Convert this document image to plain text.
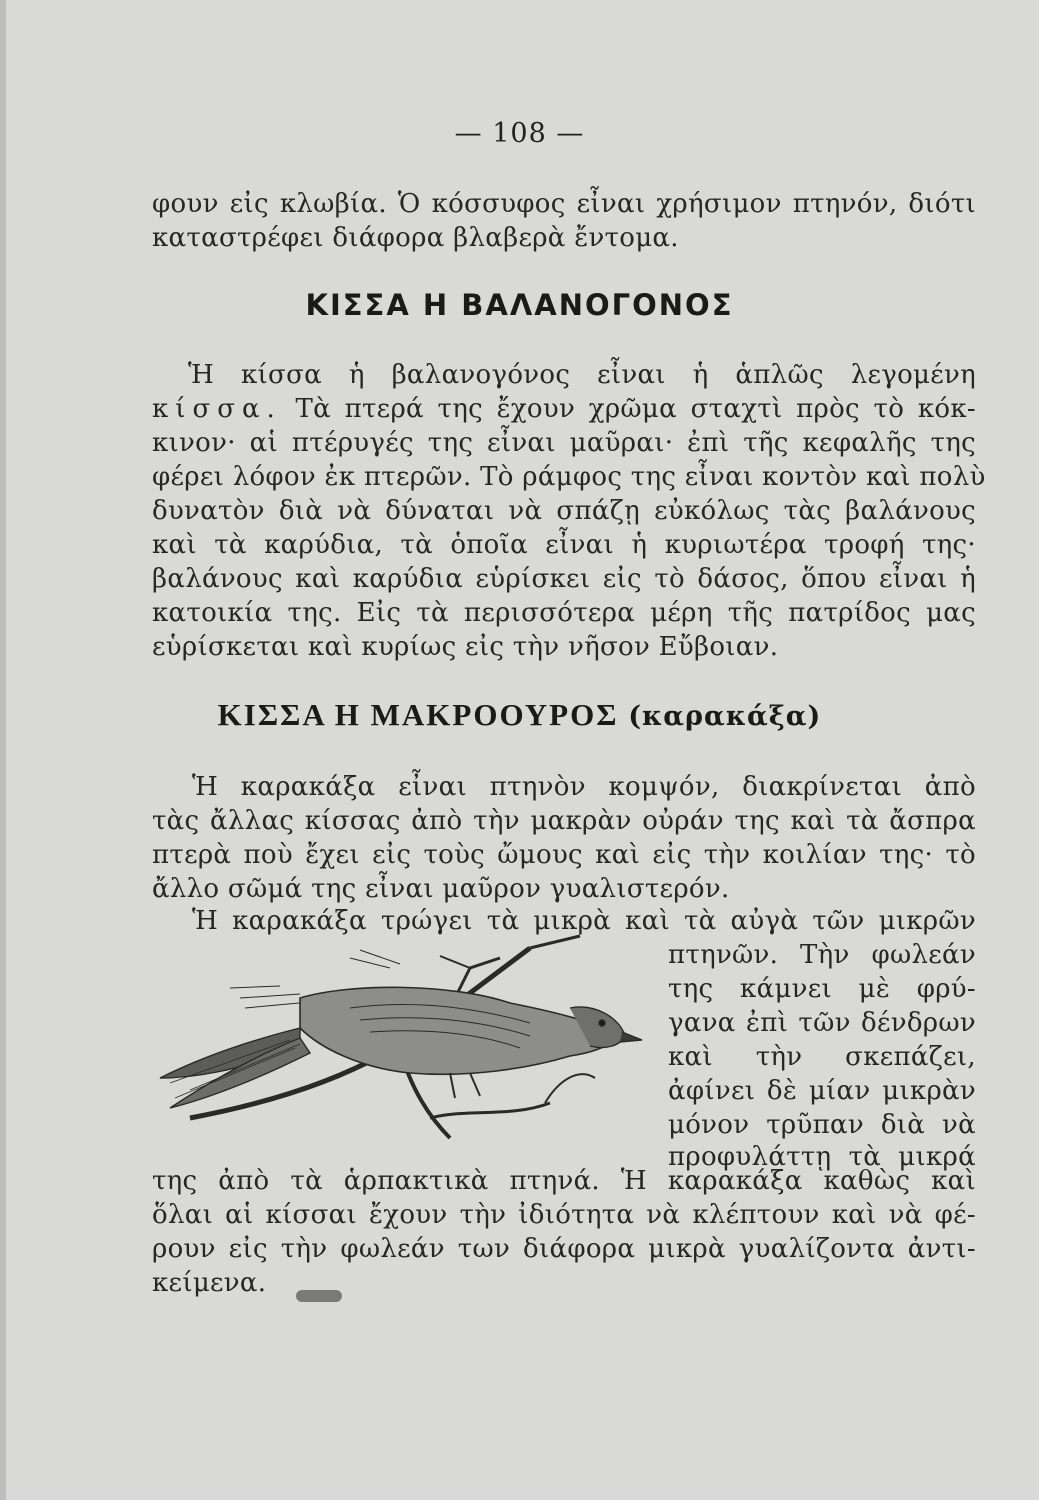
— 108 —
φουν εἰς κλωβία. Ὁ κόσσυφος εἶναι χρήσιμον πτηνόν, διότι
καταστρέφει διάφορα βλαβερὰ ἔντομα.
ΚΙΣΣΑ Η ΒΑΛΑΝΟΓΟΝΟΣ
Ἡ κίσσα ἡ βαλανογόνος εἶναι ἡ ἁπλῶς λεγομένη
κίσσα. Τὰ πτερά της ἔχουν χρῶμα σταχτὶ πρὸς τὸ κόκ-
κινον· αἱ πτέρυγές της εἶναι μαῦραι· ἐπὶ τῆς κεφαλῆς της
φέρει λόφον ἐκ πτερῶν. Τὸ ράμφος της εἶναι κοντὸν καὶ πολὺ
δυνατὸν διὰ νὰ δύναται νὰ σπάζῃ εὐκόλως τὰς βαλάνους
καὶ τὰ καρύδια, τὰ ὁποῖα εἶναι ἡ κυριωτέρα τροφή της·
βαλάνους καὶ καρύδια εὑρίσκει εἰς τὸ δάσος, ὅπου εἶναι ἡ
κατοικία της. Εἰς τὰ περισσότερα μέρη τῆς πατρίδος μας
εὑρίσκεται καὶ κυρίως εἰς τὴν νῆσον Εὔβοιαν.
ΚΙΣΣΑ Η ΜΑΚΡΟΟΥΡΟΣ (καρακάξα)
Ἡ καρακάξα εἶναι πτηνὸν κομψόν, διακρίνεται ἀπὸ
τὰς ἄλλας κίσσας ἀπὸ τὴν μακρὰν οὐράν της καὶ τὰ ἄσπρα
πτερὰ ποὺ ἔχει εἰς τοὺς ὤμους καὶ εἰς τὴν κοιλίαν της· τὸ
ἄλλο σῶμά της εἶναι μαῦρον γυαλιστερόν.
Ἡ καρακάξα τρώγει τὰ μικρὰ καὶ τὰ αὐγὰ τῶν μικρῶν
πτηνῶν. Τὴν φωλεάν
της κάμνει μὲ φρύ-
γανα ἐπὶ τῶν δένδρων
καὶ τὴν σκεπάζει,
ἀφίνει δὲ μίαν μικρὰν
μόνον τρῦπαν διὰ νὰ
προφυλάττῃ τὰ μικρά
της ἀπὸ τὰ ἁρπακτικὰ πτηνά. Ἡ καρακάξα καθὼς καὶ
ὅλαι αἱ κίσσαι ἔχουν τὴν ἰδιότητα νὰ κλέπτουν καὶ νὰ φέ-
ρουν εἰς τὴν φωλεάν των διάφορα μικρὰ γυαλίζοντα ἀντι-
κείμενα.
